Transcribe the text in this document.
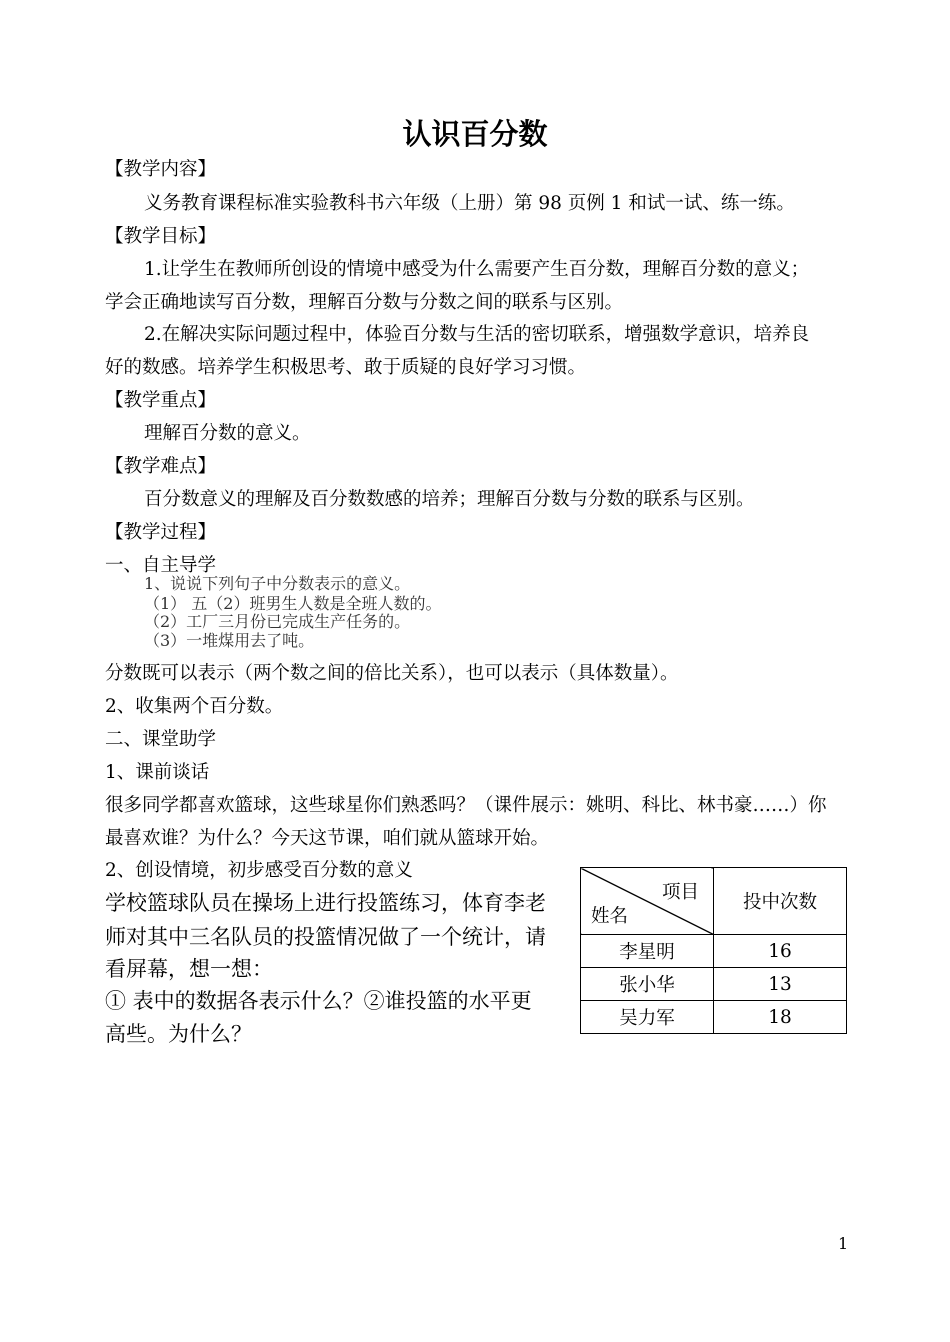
认识百分数
【教学内容】
义务教育课程标准实验教科书六年级（上册）第 98 页例 1 和试一试、练一练。
【教学目标】
1.让学生在教师所创设的情境中感受为什么需要产生百分数，理解百分数的意义；
学会正确地读写百分数，理解百分数与分数之间的联系与区别。
2.在解决实际问题过程中，体验百分数与生活的密切联系，增强数学意识，培养良
好的数感。培养学生积极思考、敢于质疑的良好学习习惯。
【教学重点】
理解百分数的意义。
【教学难点】
百分数意义的理解及百分数数感的培养；理解百分数与分数的联系与区别。
【教学过程】
一、自主导学
1、说说下列句子中分数表示的意义。
（1） 五（2）班男生人数是全班人数的。
（2）工厂三月份已完成生产任务的。
（3）一堆煤用去了吨。
分数既可以表示（两个数之间的倍比关系），也可以表示（具体数量）。
2、收集两个百分数。
二、课堂助学
1、课前谈话
很多同学都喜欢篮球，这些球星你们熟悉吗？（课件展示：姚明、科比、林书豪……）你
最喜欢谁？为什么？今天这节课，咱们就从篮球开始。
2、创设情境，初步感受百分数的意义
学校篮球队员在操场上进行投篮练习，体育李老
师对其中三名队员的投篮情况做了一个统计，请
看屏幕，想一想：
① 表中的数据各表示什么？②谁投篮的水平更
高些。为什么？
项目
姓名	投中次数
李星明	16
张小华	13
吴力军	18
1
